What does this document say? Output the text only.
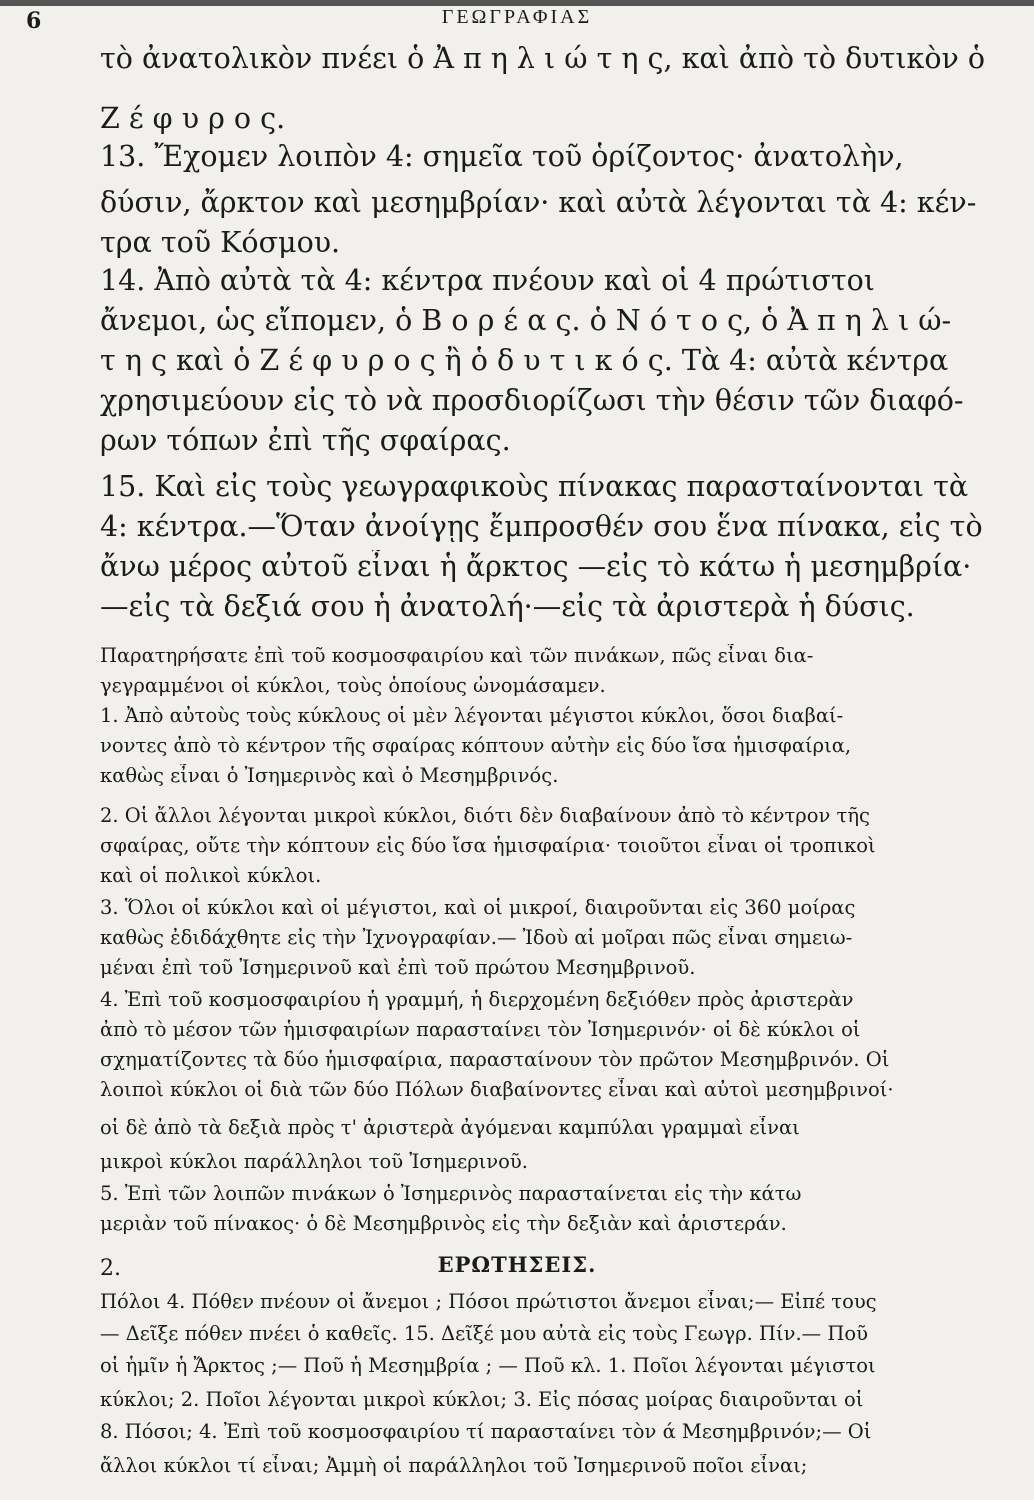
6	ΓΕΩΓΡΑΦΙΑΣ
τὸ ἀνατολικὸν πνέει ὁ Ἀ π η λ ι ώ τ η ς, καὶ ἀπὸ τὸ δυτικὸν ὁ
Ζ έ φ υ ρ ο ς.
13. Ἔχομεν λοιπὸν 4: σημεῖα τοῦ ὁρίζοντος· ἀνατολὴν,
δύσιν, ἄρκτον καὶ μεσημβρίαν· καὶ αὐτὰ λέγονται τὰ 4: κέν-
τρα τοῦ Κόσμου.
14. Ἀπὸ αὐτὰ τὰ 4: κέντρα πνέουν καὶ οἱ 4 πρώτιστοι
ἄνεμοι, ὡς εἴπομεν, ὁ Β ο ρ έ α ς. ὁ Ν ό τ ο ς, ὁ Ἀ π η λ ι ώ-
τ η ς καὶ ὁ Ζ έ φ υ ρ ο ς ἢ ὁ δ υ τ ι κ ό ς. Τὰ 4: αὐτὰ κέντρα
χρησιμεύουν εἰς τὸ νὰ προσδιορίζωσι τὴν θέσιν τῶν διαφό-
ρων τόπων ἐπὶ τῆς σφαίρας.
15. Καὶ εἰς τοὺς γεωγραφικοὺς πίνακας παρασταίνονται τὰ
4: κέντρα.—Ὅταν ἀνοίγῃς ἔμπροσθέν σου ἕνα πίνακα, εἰς τὸ
ἄνω μέρος αὐτοῦ εἶναι ἡ ἄρκτος —εἰς τὸ κάτω ἡ μεσημβρία·
—εἰς τὰ δεξιά σου ἡ ἀνατολή·—εἰς τὰ ἀριστερὰ ἡ δύσις.
Παρατηρήσατε ἐπὶ τοῦ κοσμοσφαιρίου καὶ τῶν πινάκων, πῶς εἶναι δια-
γεγραμμένοι οἱ κύκλοι, τοὺς ὁποίους ὠνομάσαμεν.
1. Ἀπὸ αὐτοὺς τοὺς κύκλους οἱ μὲν λέγονται μέγιστοι κύκλοι, ὅσοι διαβαί-
νοντες ἀπὸ τὸ κέντρον τῆς σφαίρας κόπτουν αὐτὴν εἰς δύο ἴσα ἡμισφαίρια,
καθὼς εἶναι ὁ Ἰσημερινὸς καὶ ὁ Μεσημβρινός.
2. Οἱ ἄλλοι λέγονται μικροὶ κύκλοι, διότι δὲν διαβαίνουν ἀπὸ τὸ κέντρον τῆς
σφαίρας, οὔτε τὴν κόπτουν εἰς δύο ἴσα ἡμισφαίρια· τοιοῦτοι εἶναι οἱ τροπικοὶ
καὶ οἱ πολικοὶ κύκλοι.
3. Ὅλοι οἱ κύκλοι καὶ οἱ μέγιστοι, καὶ οἱ μικροί, διαιροῦνται εἰς 360 μοίρας
καθὼς ἐδιδάχθητε εἰς τὴν Ἰχνογραφίαν.— Ἰδοὺ αἱ μοῖραι πῶς εἶναι σημειω-
μέναι ἐπὶ τοῦ Ἰσημερινοῦ καὶ ἐπὶ τοῦ πρώτου Μεσημβρινοῦ.
4. Ἐπὶ τοῦ κοσμοσφαιρίου ἡ γραμμή, ἡ διερχομένη δεξιόθεν πρὸς ἀριστερὰν
ἀπὸ τὸ μέσον τῶν ἡμισφαιρίων παρασταίνει τὸν Ἰσημερινόν· οἱ δὲ κύκλοι οἱ
σχηματίζοντες τὰ δύο ἡμισφαίρια, παρασταίνουν τὸν πρῶτον Μεσημβρινόν. Οἱ
λοιποὶ κύκλοι οἱ διὰ τῶν δύο Πόλων διαβαίνοντες εἶναι καὶ αὐτοὶ μεσημβρινοί·
οἱ δὲ ἀπὸ τὰ δεξιὰ πρὸς τ' ἀριστερὰ ἀγόμεναι καμπύλαι γραμμαὶ εἶναι
μικροὶ κύκλοι παράλληλοι τοῦ Ἰσημερινοῦ.
5. Ἐπὶ τῶν λοιπῶν πινάκων ὁ Ἰσημερινὸς παρασταίνεται εἰς τὴν κάτω
μεριὰν τοῦ πίνακος· ὁ δὲ Μεσημβρινὸς εἰς τὴν δεξιὰν καὶ ἀριστεράν.
2.	ΕΡΩΤΗΣΕΙΣ.
Πόλοι 4. Πόθεν πνέουν οἱ ἄνεμοι ; Πόσοι πρώτιστοι ἄνεμοι εἶναι;— Εἰπέ τους
— Δεῖξε πόθεν πνέει ὁ καθεῖς. 15. Δεῖξέ μου αὐτὰ εἰς τοὺς Γεωγρ. Πίν.— Ποῦ
οἱ ἡμῖν ἡ Ἄρκτος ;— Ποῦ ἡ Μεσημβρία ; — Ποῦ κλ. 1. Ποῖοι λέγονται μέγιστοι
κύκλοι; 2. Ποῖοι λέγονται μικροὶ κύκλοι; 3. Εἰς πόσας μοίρας διαιροῦνται οἱ
8. Πόσοι; 4. Ἐπὶ τοῦ κοσμοσφαιρίου τί παρασταίνει τὸν ά Μεσημβρινόν;— Οἱ
ἄλλοι κύκλοι τί εἶναι; Ἀμμὴ οἱ παράλληλοι τοῦ Ἰσημερινοῦ ποῖοι εἶναι;
